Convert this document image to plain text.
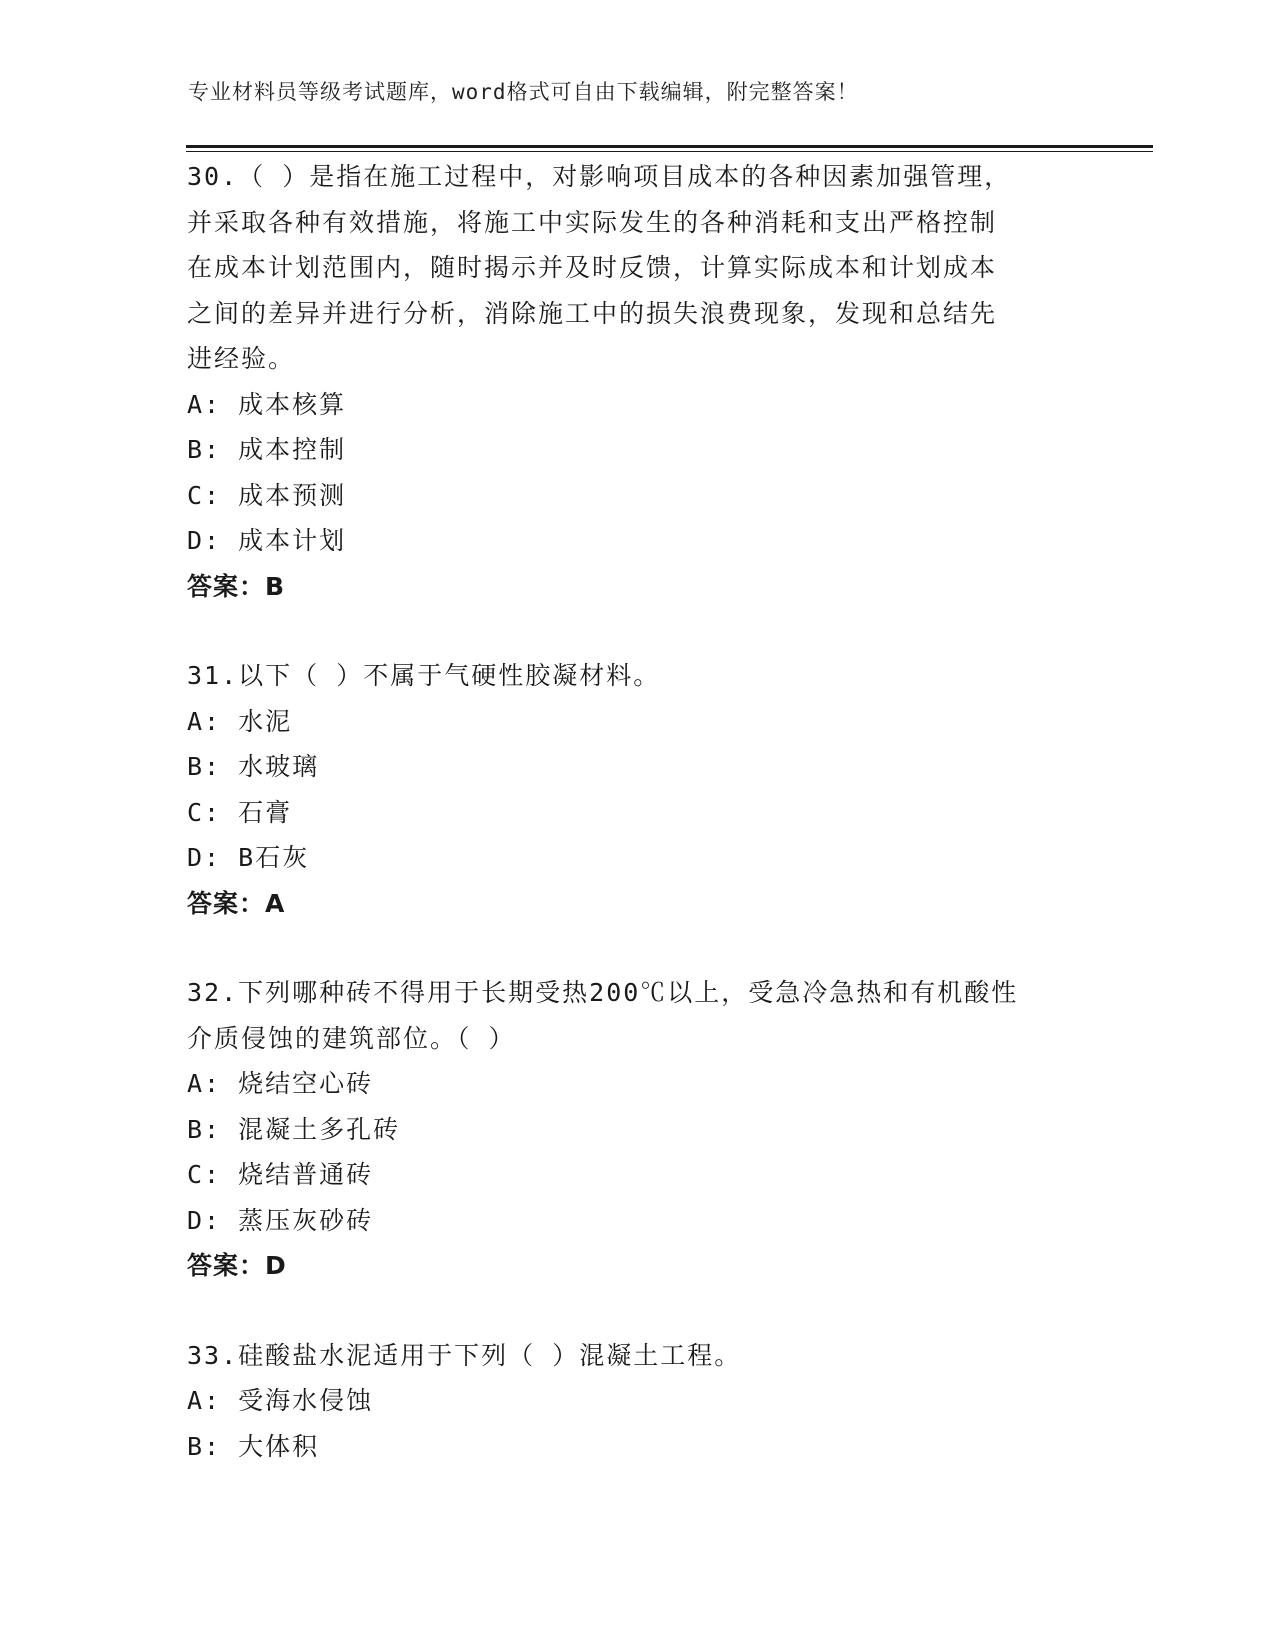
专业材料员等级考试题库，word格式可自由下载编辑，附完整答案！
30.（ ）是指在施工过程中，对影响项目成本的各种因素加强管理，
并采取各种有效措施，将施工中实际发生的各种消耗和支出严格控制
在成本计划范围内，随时揭示并及时反馈，计算实际成本和计划成本
之间的差异并进行分析，消除施工中的损失浪费现象，发现和总结先
进经验。
A: 成本核算
B: 成本控制
C: 成本预测
D: 成本计划
答案：B
31.以下（ ）不属于气硬性胶凝材料。
A: 水泥
B: 水玻璃
C: 石膏
D: B石灰
答案：A
32.下列哪种砖不得用于长期受热200℃以上，受急冷急热和有机酸性
介质侵蚀的建筑部位。（ ）
A: 烧结空心砖
B: 混凝土多孔砖
C: 烧结普通砖
D: 蒸压灰砂砖
答案：D
33.硅酸盐水泥适用于下列（ ）混凝土工程。
A: 受海水侵蚀
B: 大体积
